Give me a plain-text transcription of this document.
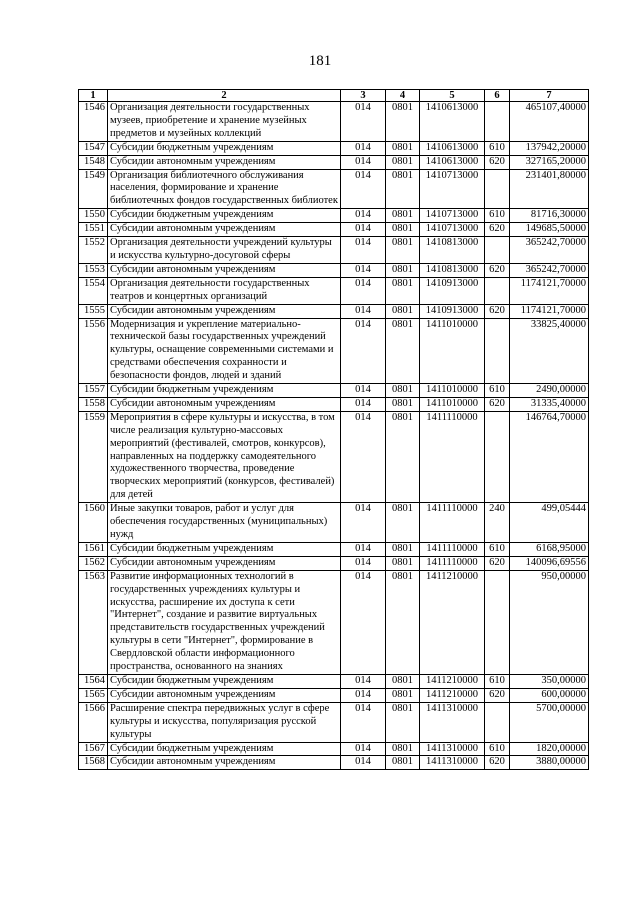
181
1	2	3	4	5	6	7
1546	Организация деятельности государственных музеев, приобретение и хранение музейных предметов и музейных коллекций	014	0801	1410613000		465107,40000
1547	Субсидии бюджетным учреждениям	014	0801	1410613000	610	137942,20000
1548	Субсидии автономным учреждениям	014	0801	1410613000	620	327165,20000
1549	Организация библиотечного обслуживания населения, формирование и хранение библиотечных фондов государственных библиотек	014	0801	1410713000		231401,80000
1550	Субсидии бюджетным учреждениям	014	0801	1410713000	610	81716,30000
1551	Субсидии автономным учреждениям	014	0801	1410713000	620	149685,50000
1552	Организация деятельности учреждений культуры и искусства культурно-досуговой сферы	014	0801	1410813000		365242,70000
1553	Субсидии автономным учреждениям	014	0801	1410813000	620	365242,70000
1554	Организация деятельности государственных театров и концертных организаций	014	0801	1410913000		1174121,70000
1555	Субсидии автономным учреждениям	014	0801	1410913000	620	1174121,70000
1556	Модернизация и укрепление материально-технической базы государственных учреждений культуры, оснащение современными системами и средствами обеспечения сохранности и безопасности фондов, людей и зданий	014	0801	1411010000		33825,40000
1557	Субсидии бюджетным учреждениям	014	0801	1411010000	610	2490,00000
1558	Субсидии автономным учреждениям	014	0801	1411010000	620	31335,40000
1559	Мероприятия в сфере культуры и искусства, в том числе реализация культурно-массовых мероприятий (фестивалей, смотров, конкурсов), направленных на поддержку самодеятельного художественного творчества, проведение творческих мероприятий (конкурсов, фестивалей) для детей	014	0801	1411110000		146764,70000
1560	Иные закупки товаров, работ и услуг для обеспечения государственных (муниципальных) нужд	014	0801	1411110000	240	499,05444
1561	Субсидии бюджетным учреждениям	014	0801	1411110000	610	6168,95000
1562	Субсидии автономным учреждениям	014	0801	1411110000	620	140096,69556
1563	Развитие информационных технологий в государственных учреждениях культуры и искусства, расширение их доступа к сети "Интернет", создание и развитие виртуальных представительств государственных учреждений культуры в сети "Интернет", формирование в Свердловской области информационного пространства, основанного на знаниях	014	0801	1411210000		950,00000
1564	Субсидии бюджетным учреждениям	014	0801	1411210000	610	350,00000
1565	Субсидии автономным учреждениям	014	0801	1411210000	620	600,00000
1566	Расширение спектра передвижных услуг в сфере культуры и искусства, популяризация русской культуры	014	0801	1411310000		5700,00000
1567	Субсидии бюджетным учреждениям	014	0801	1411310000	610	1820,00000
1568	Субсидии автономным учреждениям	014	0801	1411310000	620	3880,00000
